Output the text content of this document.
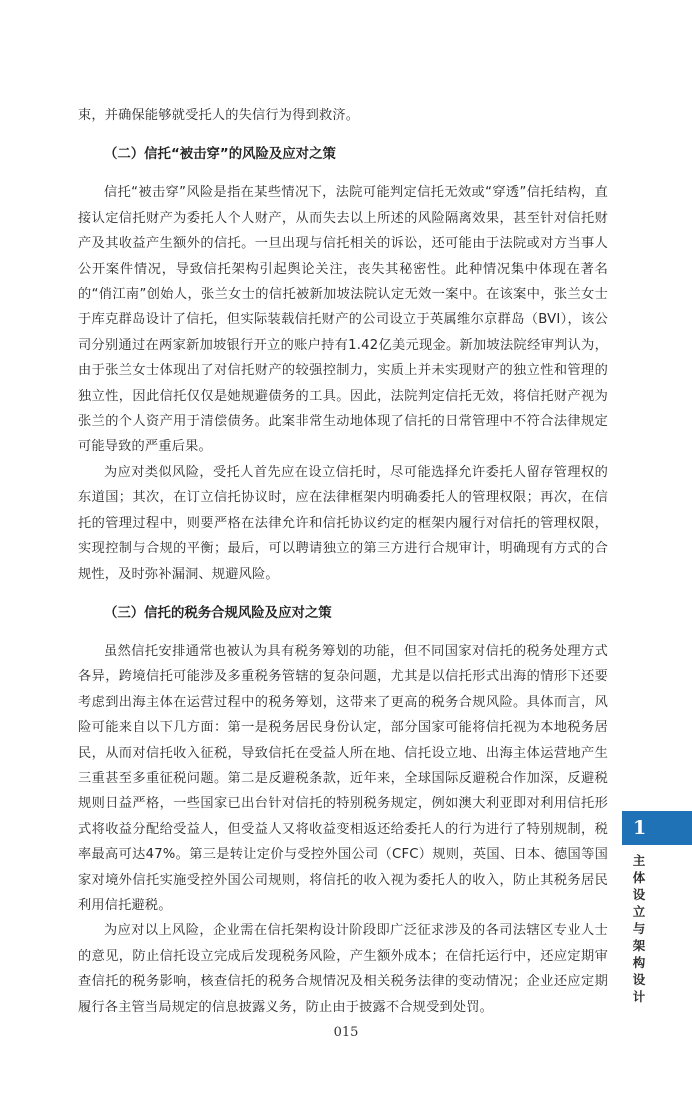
束，并确保能够就受托人的失信行为得到救济。

（二）信托“被击穿”的风险及应对之策

信托“被击穿”风险是指在某些情况下，法院可能判定信托无效或“穿透”信托结构，直接认定信托财产为委托人个人财产，从而失去以上所述的风险隔离效果，甚至针对信托财产及其收益产生额外的信托。一旦出现与信托相关的诉讼，还可能由于法院或对方当事人公开案件情况，导致信托架构引起舆论关注，丧失其秘密性。此种情况集中体现在著名的“俏江南”创始人，张兰女士的信托被新加坡法院认定无效一案中。在该案中，张兰女士于库克群岛设计了信托，但实际装载信托财产的公司设立于英属维尔京群岛（BVI），该公司分别通过在两家新加坡银行开立的账户持有1.42亿美元现金。新加坡法院经审判认为，由于张兰女士体现出了对信托财产的较强控制力，实质上并未实现财产的独立性和管理的独立性，因此信托仅仅是她规避债务的工具。因此，法院判定信托无效，将信托财产视为张兰的个人资产用于清偿债务。此案非常生动地体现了信托的日常管理中不符合法律规定可能导致的严重后果。

为应对类似风险，受托人首先应在设立信托时，尽可能选择允许委托人留存管理权的东道国；其次，在订立信托协议时，应在法律框架内明确委托人的管理权限；再次，在信托的管理过程中，则要严格在法律允许和信托协议约定的框架内履行对信托的管理权限，实现控制与合规的平衡；最后，可以聘请独立的第三方进行合规审计，明确现有方式的合规性，及时弥补漏洞、规避风险。

（三）信托的税务合规风险及应对之策

虽然信托安排通常也被认为具有税务筹划的功能，但不同国家对信托的税务处理方式各异，跨境信托可能涉及多重税务管辖的复杂问题，尤其是以信托形式出海的情形下还要考虑到出海主体在运营过程中的税务筹划，这带来了更高的税务合规风险。具体而言，风险可能来自以下几方面：第一是税务居民身份认定，部分国家可能将信托视为本地税务居民，从而对信托收入征税，导致信托在受益人所在地、信托设立地、出海主体运营地产生三重甚至多重征税问题。第二是反避税条款，近年来，全球国际反避税合作加深，反避税规则日益严格，一些国家已出台针对信托的特别税务规定，例如澳大利亚即对利用信托形式将收益分配给受益人，但受益人又将收益变相返还给委托人的行为进行了特别规制，税率最高可达47%。第三是转让定价与受控外国公司（CFC）规则，英国、日本、德国等国家对境外信托实施受控外国公司规则，将信托的收入视为委托人的收入，防止其税务居民利用信托避税。

为应对以上风险，企业需在信托架构设计阶段即广泛征求涉及的各司法辖区专业人士的意见，防止信托设立完成后发现税务风险，产生额外成本；在信托运行中，还应定期审查信托的税务影响，核查信托的税务合规情况及相关税务法律的变动情况；企业还应定期履行各主管当局规定的信息披露义务，防止由于披露不合规受到处罚。

1
主体设立与架构设计
015
